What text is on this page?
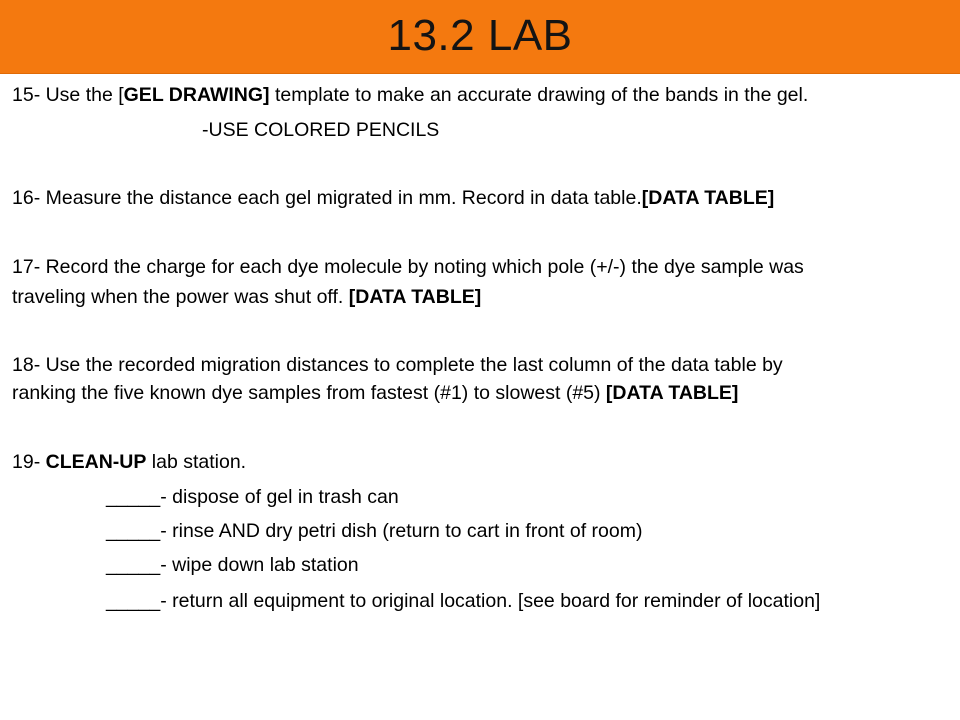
13.2 LAB
15- Use the [GEL DRAWING] template to make an accurate drawing of the bands in the gel.
-USE COLORED PENCILS
16- Measure the distance each gel migrated in mm. Record in data table.[DATA TABLE]
17- Record the charge for each dye molecule by noting which pole (+/-) the dye sample was
traveling when the power was shut off. [DATA TABLE]
18- Use the recorded migration distances to complete the last column of the data table by
ranking the five known dye samples from fastest (#1) to slowest (#5) [DATA TABLE]
19- CLEAN-UP lab station.
_____- dispose of gel in trash can
_____- rinse AND dry petri dish (return to cart in front of room)
_____- wipe down lab station
_____- return all equipment to original location. [see board for reminder of location]
